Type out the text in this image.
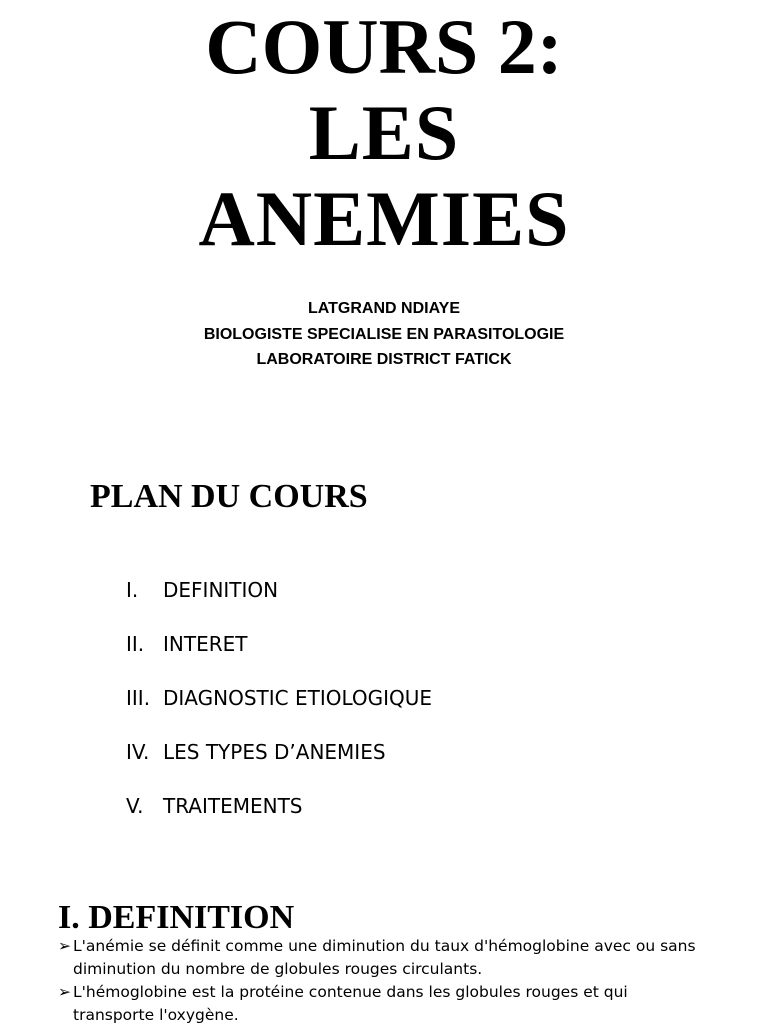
COURS 2:
LES
ANEMIES
LATGRAND NDIAYE
BIOLOGISTE SPECIALISE EN PARASITOLOGIE
LABORATOIRE DISTRICT FATICK
PLAN DU COURS
I.	DEFINITION
II. INTERET
III. DIAGNOSTIC ETIOLOGIQUE
IV. LES TYPES D’ANEMIES
V. TRAITEMENTS
I. DEFINITION
➢ L'anémie se définit comme une diminution du taux d'hémoglobine avec ou sans diminution du nombre de globules rouges circulants.
➢ L'hémoglobine est la protéine contenue dans les globules rouges et qui transporte l'oxygène.
